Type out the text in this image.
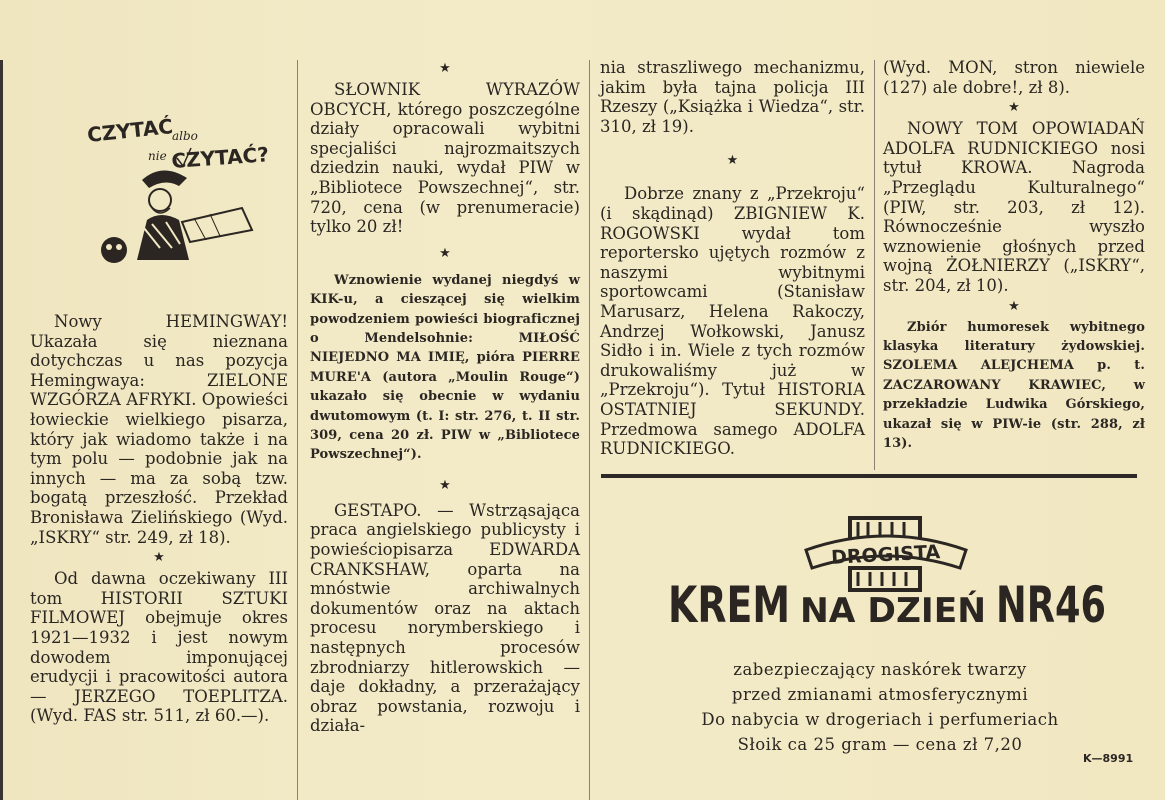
CZYTAĆ
albo
nie CZYTAĆ?

Nowy HEMINGWAY! Ukazała się nieznana dotychczas u nas pozycja Hemingwaya: ZIELONE WZGÓRZA AFRYKI. Opowieści łowieckie wielkiego pisarza, który jak wiadomo także i na tym polu — podobnie jak na innych — ma za sobą tzw. bogatą przeszłość. Przekład Bronisława Zielińskiego (Wyd. „ISKRY“ str. 249, zł 18).

★

Od dawna oczekiwany III tom HISTORII SZTUKI FILMOWEJ obejmuje okres 1921—1932 i jest nowym dowodem imponującej erudycji i pracowitości autora — JERZEGO TOEPLITZA. (Wyd. FAS str. 511, zł 60.—).

★

SŁOWNIK WYRAZÓW OBCYCH, którego poszczególne działy opracowali wybitni specjaliści najrozmaitszych dziedzin nauki, wydał PIW w „Bibliotece Powszechnej“, str. 720, cena (w prenumeracie) tylko 20 zł!

★

Wznowienie wydanej niegdyś w KIK-u, a cieszącej się wielkim powodzeniem powieści biograficznej o Mendelsohnie: MIŁOŚĆ NIEJEDNO MA IMIĘ, pióra PIERRE MURE'A (autora „Moulin Rouge“) ukazało się obecnie w wydaniu dwutomowym (t. I: str. 276, t. II str. 309, cena 20 zł. PIW w „Bibliotece Powszechnej“).

★

GESTAPO. — Wstrząsająca praca angielskiego publicysty i powieściopisarza EDWARDA CRANKSHAW, oparta na mnóstwie archiwalnych dokumentów oraz na aktach procesu norymberskiego i następnych procesów zbrodniarzy hitlerowskich — daje dokładny, a przerażający obraz powstania, rozwoju i działa-

nia straszliwego mechanizmu, jakim była tajna policja III Rzeszy („Książka i Wiedza“, str. 310, zł 19).

★

Dobrze znany z „Przekroju“ (i skądinąd) ZBIGNIEW K. ROGOWSKI wydał tom reportersko ujętych rozmów z naszymi wybitnymi sportowcami (Stanisław Marusarz, Helena Rakoczy, Andrzej Wołkowski, Janusz Sidło i in. Wiele z tych rozmów drukowaliśmy już w „Przekroju“). Tytuł HISTORIA OSTATNIEJ SEKUNDY. Przedmowa samego ADOLFA RUDNICKIEGO.

(Wyd. MON, stron niewiele (127) ale dobre!, zł 8).

★

NOWY TOM OPOWIADAŃ ADOLFA RUDNICKIEGO nosi tytuł KROWA. Nagroda „Przeglądu Kulturalnego“ (PIW, str. 203, zł 12). Równocześnie wyszło wznowienie głośnych przed wojną ŻOŁNIERZY („ISKRY“, str. 204, zł 10).

★

Zbiór humoresek wybitnego klasyka literatury żydowskiej. SZOLEMA ALEJCHEMA p. t. ZACZAROWANY KRAWIEC, w przekładzie Ludwika Górskiego, ukazał się w PIW-ie (str. 288, zł 13).

DROGISTA
KREM NA DZIEŃ NR46
zabezpieczający naskórek twarzy
przed zmianami atmosferycznymi
Do nabycia w drogeriach i perfumeriach
Słoik ca 25 gram — cena zł 7,20
K—8991
